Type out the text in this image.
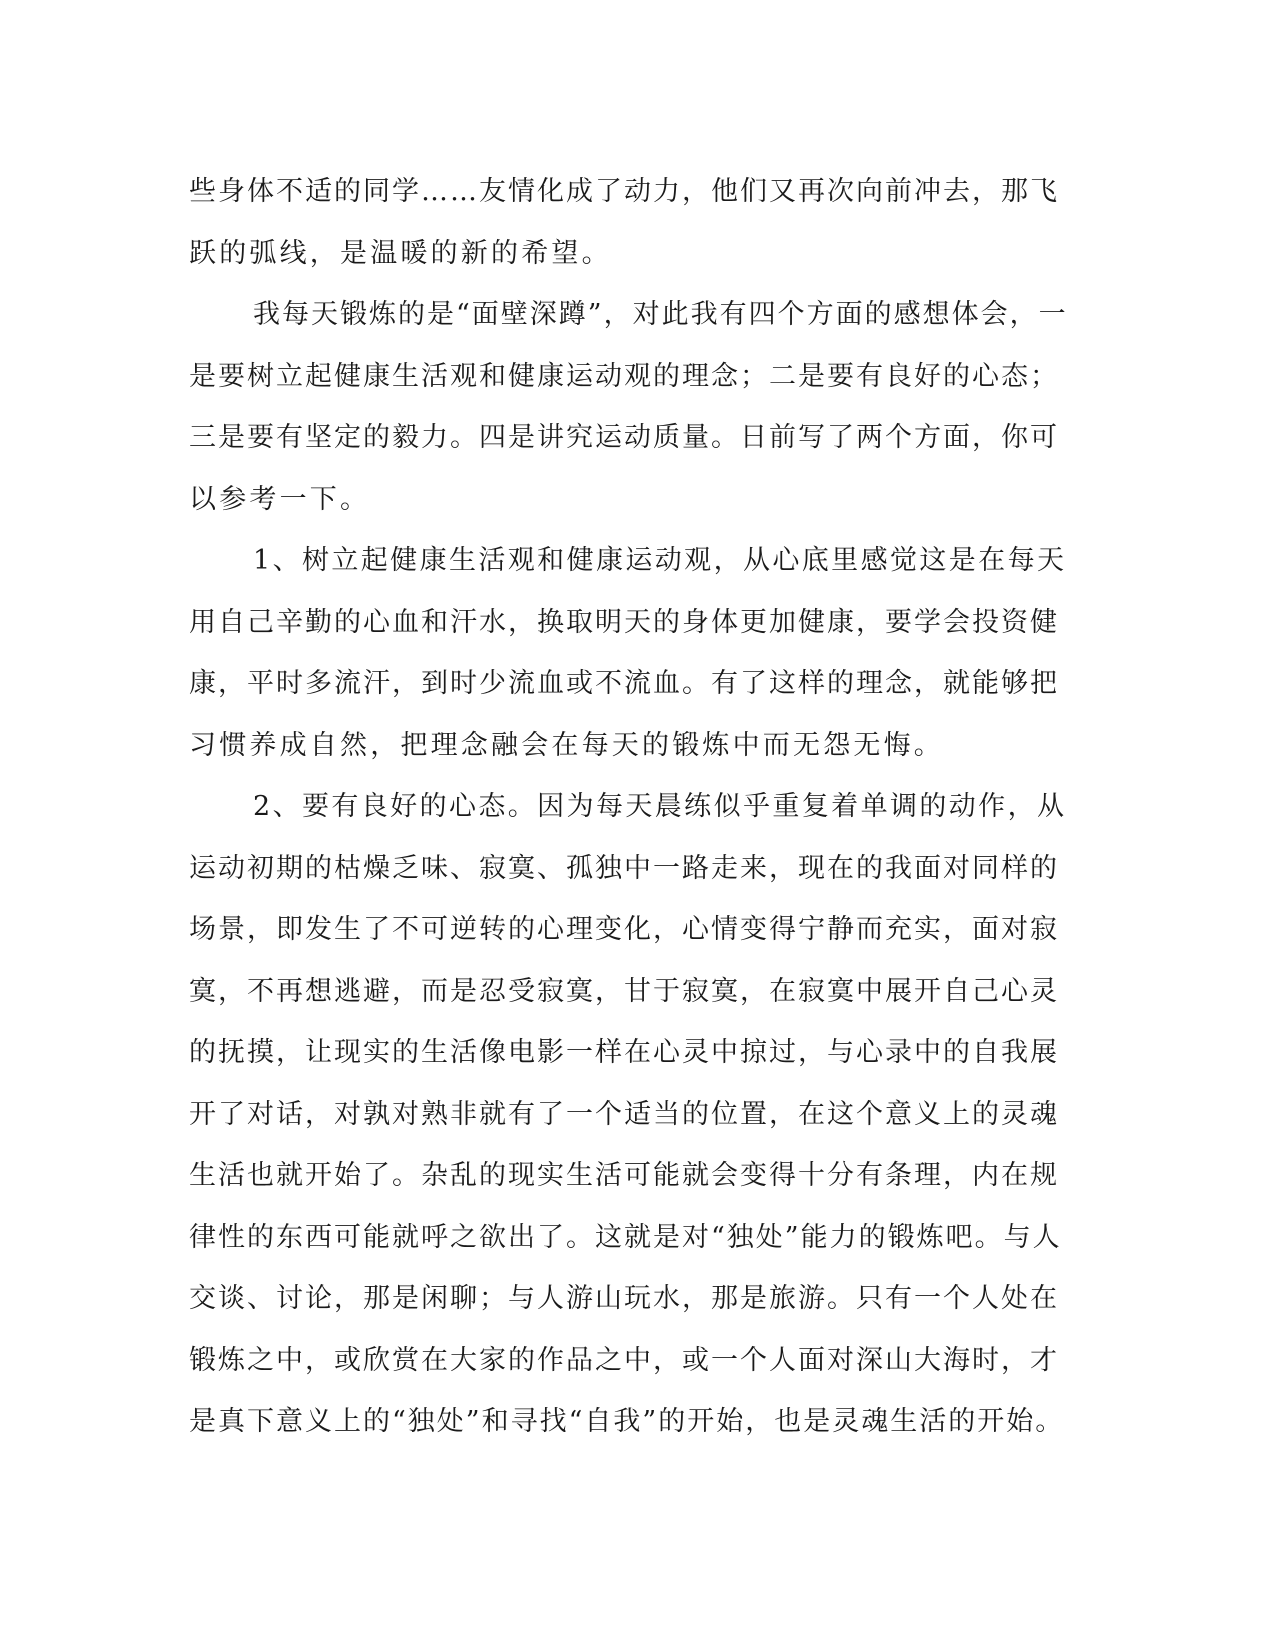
些身体不适的同学……友情化成了动力，他们又再次向前冲去，那飞
跃的弧线，是温暖的新的希望。
我每天锻炼的是“面壁深蹲”，对此我有四个方面的感想体会，一
是要树立起健康生活观和健康运动观的理念；二是要有良好的心态；
三是要有坚定的毅力。四是讲究运动质量。日前写了两个方面，你可
以参考一下。
1、树立起健康生活观和健康运动观，从心底里感觉这是在每天
用自己辛勤的心血和汗水，换取明天的身体更加健康，要学会投资健
康，平时多流汗，到时少流血或不流血。有了这样的理念，就能够把
习惯养成自然，把理念融会在每天的锻炼中而无怨无悔。
2、要有良好的心态。因为每天晨练似乎重复着单调的动作，从
运动初期的枯燥乏味、寂寞、孤独中一路走来，现在的我面对同样的
场景，即发生了不可逆转的心理变化，心情变得宁静而充实，面对寂
寞，不再想逃避，而是忍受寂寞，甘于寂寞，在寂寞中展开自己心灵
的抚摸，让现实的生活像电影一样在心灵中掠过，与心录中的自我展
开了对话，对孰对熟非就有了一个适当的位置，在这个意义上的灵魂
生活也就开始了。杂乱的现实生活可能就会变得十分有条理，内在规
律性的东西可能就呼之欲出了。这就是对“独处”能力的锻炼吧。与人
交谈、讨论，那是闲聊；与人游山玩水，那是旅游。只有一个人处在
锻炼之中，或欣赏在大家的作品之中，或一个人面对深山大海时，才
是真下意义上的“独处”和寻找“自我”的开始，也是灵魂生活的开始。
